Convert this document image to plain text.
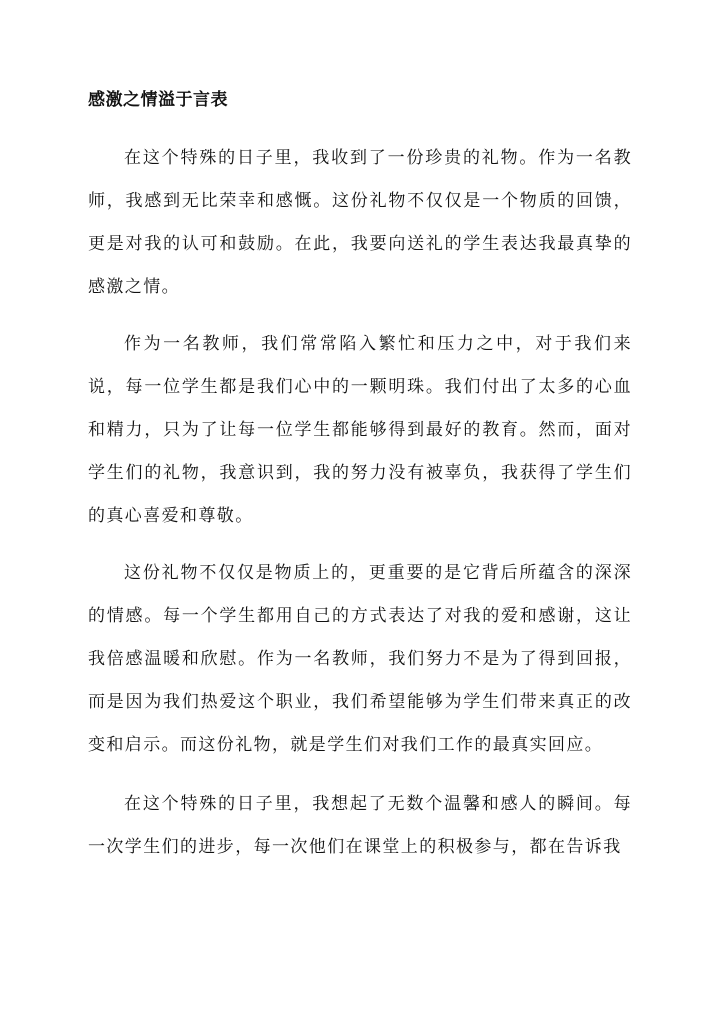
感激之情溢于言表

在这个特殊的日子里，我收到了一份珍贵的礼物。作为一名教师，我感到无比荣幸和感慨。这份礼物不仅仅是一个物质的回馈，更是对我的认可和鼓励。在此，我要向送礼的学生表达我最真挚的感激之情。

作为一名教师，我们常常陷入繁忙和压力之中，对于我们来说，每一位学生都是我们心中的一颗明珠。我们付出了太多的心血和精力，只为了让每一位学生都能够得到最好的教育。然而，面对学生们的礼物，我意识到，我的努力没有被辜负，我获得了学生们的真心喜爱和尊敬。

这份礼物不仅仅是物质上的，更重要的是它背后所蕴含的深深的情感。每一个学生都用自己的方式表达了对我的爱和感谢，这让我倍感温暖和欣慰。作为一名教师，我们努力不是为了得到回报，而是因为我们热爱这个职业，我们希望能够为学生们带来真正的改变和启示。而这份礼物，就是学生们对我们工作的最真实回应。

在这个特殊的日子里，我想起了无数个温馨和感人的瞬间。每一次学生们的进步，每一次他们在课堂上的积极参与，都在告诉我
